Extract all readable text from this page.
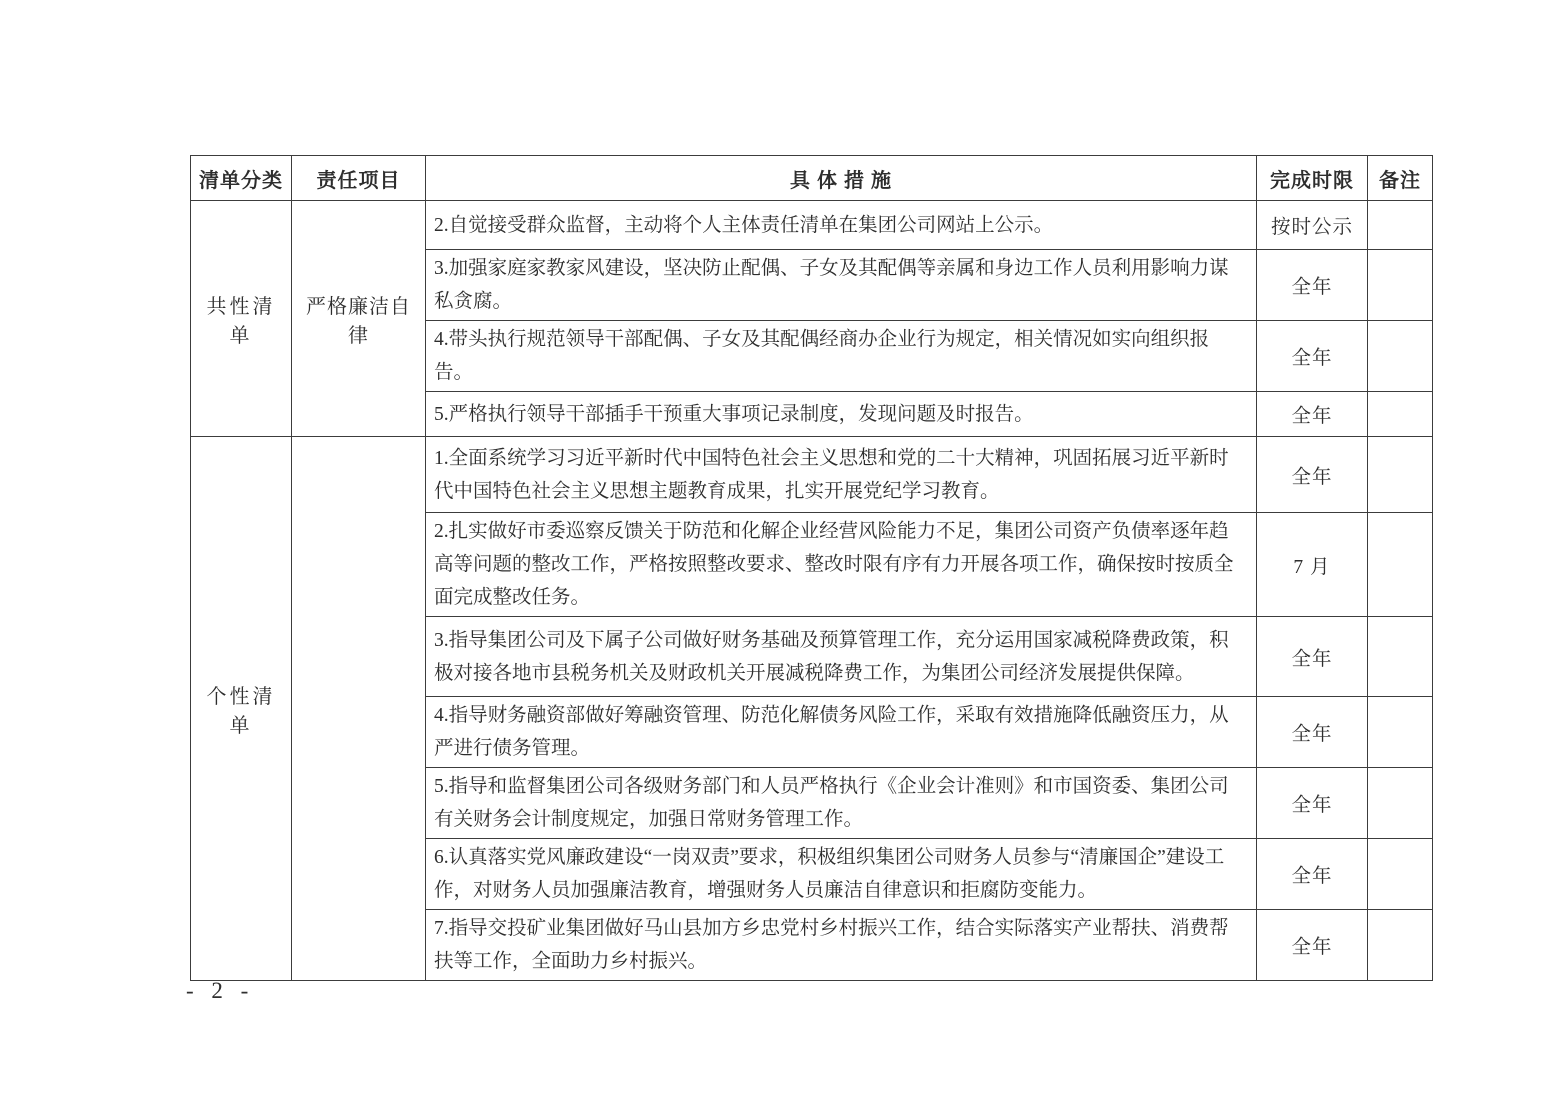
清单分类	责任项目	具 体 措 施	完成时限	备注
共性清单	严格廉洁自律	2.自觉接受群众监督，主动将个人主体责任清单在集团公司网站上公示。	按时公示	
		3.加强家庭家教家风建设，坚决防止配偶、子女及其配偶等亲属和身边工作人员利用影响力谋私贪腐。	全年	
		4.带头执行规范领导干部配偶、子女及其配偶经商办企业行为规定，相关情况如实向组织报告。	全年	
		5.严格执行领导干部插手干预重大事项记录制度，发现问题及时报告。	全年	
个性清单		1.全面系统学习习近平新时代中国特色社会主义思想和党的二十大精神，巩固拓展习近平新时代中国特色社会主义思想主题教育成果，扎实开展党纪学习教育。	全年	
		2.扎实做好市委巡察反馈关于防范和化解企业经营风险能力不足，集团公司资产负债率逐年趋高等问题的整改工作，严格按照整改要求、整改时限有序有力开展各项工作，确保按时按质全面完成整改任务。	7 月	
		3.指导集团公司及下属子公司做好财务基础及预算管理工作，充分运用国家减税降费政策，积极对接各地市县税务机关及财政机关开展减税降费工作，为集团公司经济发展提供保障。	全年	
		4.指导财务融资部做好筹融资管理、防范化解债务风险工作，采取有效措施降低融资压力，从严进行债务管理。	全年	
		5.指导和监督集团公司各级财务部门和人员严格执行《企业会计准则》和市国资委、集团公司有关财务会计制度规定，加强日常财务管理工作。	全年	
		6.认真落实党风廉政建设“一岗双责”要求，积极组织集团公司财务人员参与“清廉国企”建设工作，对财务人员加强廉洁教育，增强财务人员廉洁自律意识和拒腐防变能力。	全年	
		7.指导交投矿业集团做好马山县加方乡忠党村乡村振兴工作，结合实际落实产业帮扶、消费帮扶等工作，全面助力乡村振兴。	全年	
- 2 -
